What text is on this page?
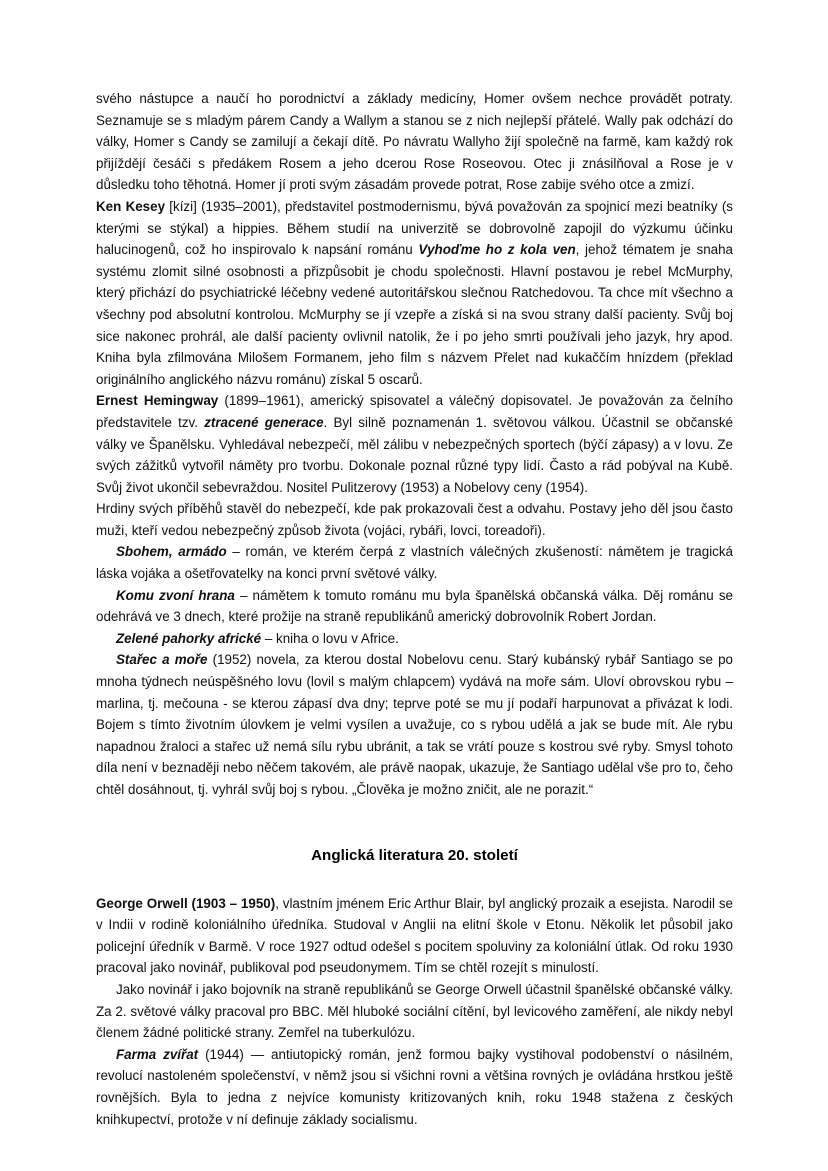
svého nástupce a naučí ho porodnictví a základy medicíny, Homer ovšem nechce provádět potraty. Seznamuje se s mladým párem Candy a Wallym a stanou se z nich nejlepší přátelé. Wally pak odchází do války, Homer s Candy se zamilují a čekají dítě. Po návratu Wallyho žijí společně na farmě, kam každý rok přijíždějí česáči s předákem Rosem a jeho dcerou Rose Roseovou. Otec ji znásilňoval a Rose je v důsledku toho těhotná. Homer jí proti svým zásadám provede potrat, Rose zabije svého otce a zmizí.

Ken Kesey [kízi] (1935–2001), představitel postmodernismu, bývá považován za spojnicí mezi beatníky (s kterými se stýkal) a hippies. Během studií na univerzitě se dobrovolně zapojil do výzkumu účinku halucinogenů, což ho inspirovalo k napsání románu Vyhoďme ho z kola ven, jehož tématem je snaha systému zlomit silné osobnosti a přizpůsobit je chodu společnosti. Hlavní postavou je rebel McMurphy, který přichází do psychiatrické léčebny vedené autoritářskou slečnou Ratchedovou. Ta chce mít všechno a všechny pod absolutní kontrolou. McMurphy se jí vzepře a získá si na svou strany další pacienty. Svůj boj sice nakonec prohrál, ale další pacienty ovlivnil natolik, že i po jeho smrti používali jeho jazyk, hry apod. Kniha byla zfilmována Milošem Formanem, jeho film s názvem Přelet nad kukaččím hnízdem (překlad originálního anglického názvu románu) získal 5 oscarů.

Ernest Hemingway (1899–1961), americký spisovatel a válečný dopisovatel. Je považován za čelního představitele tzv. ztracené generace. Byl silně poznamenán 1. světovou válkou. Účastnil se občanské války ve Španělsku. Vyhledával nebezpečí, měl zálibu v nebezpečných sportech (býčí zápasy) a v lovu. Ze svých zážitků vytvořil náměty pro tvorbu. Dokonale poznal různé typy lidí. Často a rád pobýval na Kubě. Svůj život ukončil sebevraždou. Nositel Pulitzerovy (1953) a Nobelovy ceny (1954).

Hrdiny svých příběhů stavěl do nebezpečí, kde pak prokazovali čest a odvahu. Postavy jeho děl jsou často muži, kteří vedou nebezpečný způsob života (vojáci, rybáři, lovci, toreadoři).

Sbohem, armádo – román, ve kterém čerpá z vlastních válečných zkušeností: námětem je tragická láska vojáka a ošetřovatelky na konci první světové války.

Komu zvoní hrana – námětem k tomuto románu mu byla španělská občanská válka. Děj románu se odehrává ve 3 dnech, které prožije na straně republikánů americký dobrovolník Robert Jordan.

Zelené pahorky africké – kniha o lovu v Africe.

Stařec a moře (1952) novela, za kterou dostal Nobelovu cenu. Starý kubánský rybář Santiago se po mnoha týdnech neúspěšného lovu (lovil s malým chlapcem) vydává na moře sám. Uloví obrovskou rybu – marlina, tj. mečouna - se kterou zápasí dva dny; teprve poté se mu jí podaří harpunovat a přivázat k lodi. Bojem s tímto životním úlovkem je velmi vysílen a uvažuje, co s rybou udělá a jak se bude mít. Ale rybu napadnou žraloci a stařec už nemá sílu rybu ubránit, a tak se vrátí pouze s kostrou své ryby. Smysl tohoto díla není v beznaději nebo něčem takovém, ale právě naopak, ukazuje, že Santiago udělal vše pro to, čeho chtěl dosáhnout, tj. vyhrál svůj boj s rybou. „Člověka je možno zničit, ale ne porazit.“

Anglická literatura 20. století

George Orwell (1903 – 1950), vlastním jménem Eric Arthur Blair, byl anglický prozaik a esejista. Narodil se v Indii v rodině koloniálního úředníka. Studoval v Anglii na elitní škole v Etonu. Několik let působil jako policejní úředník v Barmě. V roce 1927 odtud odešel s pocitem spoluviny za koloniální útlak. Od roku 1930 pracoval jako novinář, publikoval pod pseudonymem. Tím se chtěl rozejít s minulostí.

Jako novinář i jako bojovník na straně republikánů se George Orwell účastnil španělské občanské války. Za 2. světové války pracoval pro BBC. Měl hluboké sociální cítění, byl levicového zaměření, ale nikdy nebyl členem žádné politické strany. Zemřel na tuberkulózu.

Farma zvířat (1944) — antiutopický román, jenž formou bajky vystihoval podobenství o násilném, revolucí nastoleném společenství, v němž jsou si všichni rovni a většina rovných je ovládána hrstkou ještě rovnějších. Byla to jedna z nejvíce komunisty kritizovaných knih, roku 1948 stažena z českých knihkupectví, protože v ní definuje základy socialismu.
